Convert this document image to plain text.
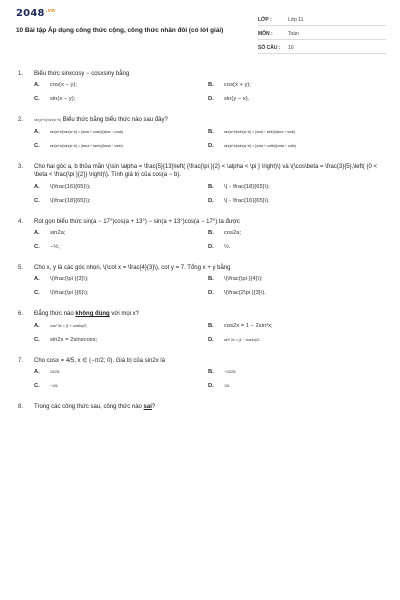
$2048^{.vn}$
10 Bài tập Áp dụng công thức cộng, công thức nhân đôi (có lời giải)
LỚP :	Lớp 11
MÔN :	Toán
SỐ CÂU :	10
1.	Biểu thức sinxcosy − cosxsiny bằng
A.	cos(x − y);	B.	cos(x + y);
C.	sin(x − y);	D.	sin(y − x).
2.	sin(a+b)/sin(a−b) Biểu thức bằng biểu thức nào sau đây?
A.	sin(a+b)/sin(a−b) = (sina + cosb)/(sina − cosb)	B.	sin(a+b)/sin(a−b) = (sina − sinb)/(sina + sinb)
C.	sin(a+b)/sin(a−b) = (tana + tanb)/(tana − tanb)	D.	sin(a+b)/sin(a−b) = (cota + cotb)/(cota − cotb)
3.	Cho hai góc a, b thỏa mãn \(\sin \alpha = \frac{5}{13}\left( {\frac{\pi }{2} < \alpha < \pi } \right)\) và \(\cos\beta = \frac{3}{5},\left( {0 < \beta < \frac{\pi }{2}} \right)\). Tính giá trị của cos(a − b).
A.	\(\frac{16}{65}\);	B.	\( - \frac{18}{65}\);
C.	\(\frac{18}{65}\);	D.	\( - \frac{16}{65}\).
4.	Rút gọn biểu thức sin(a − 17°)cos(a + 13°) − sin(a + 13°)cos(a − 17°) ta được
A.	sin2a;	B.	cos2a;
C.	−½;	D.	½.
5.	Cho x, y là các góc nhọn, \(\cot x = \frac{4}{3}\), cot y = 7. Tổng x + y bằng
A.	\(\frac{\pi }{3}\);	B.	\(\frac{\pi }{4}\);
C.	\(\frac{\pi }{6}\);	D.	\(\frac{2\pi }{3}\).
6.	Đẳng thức nào không đúng với mọi x?
A.	cos² 3x = (1 + cos6x)/2;	B.	cos2x = 1 − 2sin²x;
C.	sin2x = 2sinxcosx;	D.	sin² 2x = (1 − cos4x)/2.
7.	Cho cosx = 4/5, x ∈ (−π/2; 0). Giá trị của sin2x là
A.	24/25;	B.	−24/25;
C.	−1/5;	D.	1/5.
8.	Trong các công thức sau, công thức nào sai?
